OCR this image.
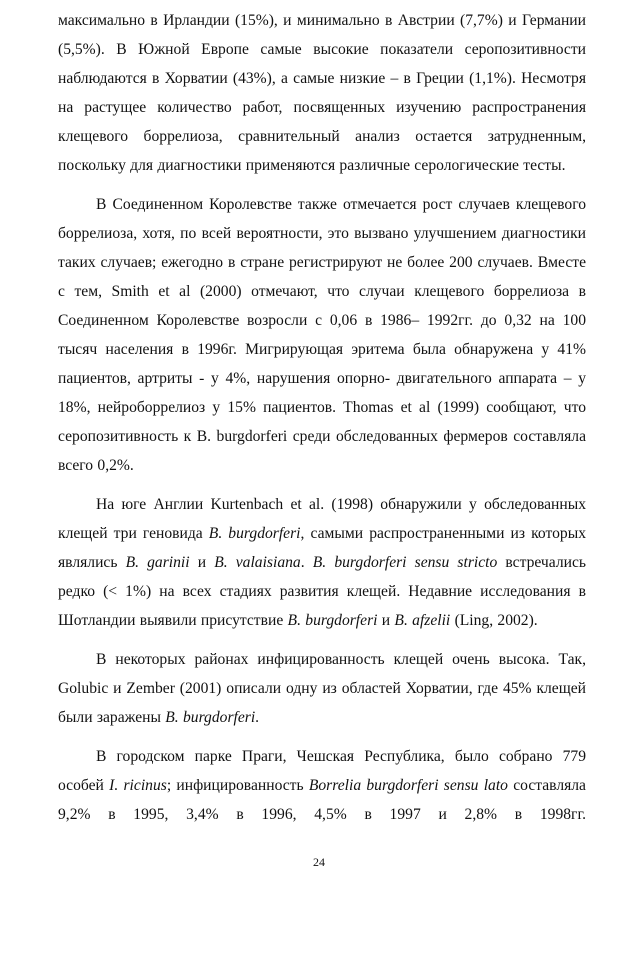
максимально в Ирландии (15%), и минимально в Австрии (7,7%) и Германии (5,5%). В Южной Европе самые высокие показатели серопозитивности наблюдаются в Хорватии (43%), а самые низкие – в Греции (1,1%). Несмотря на растущее количество работ, посвященных изучению распространения клещевого боррелиоза, сравнительный анализ остается затрудненным, поскольку для диагностики применяются различные серологические тесты.

В Соединенном Королевстве также отмечается рост случаев клещевого боррелиоза, хотя, по всей вероятности, это вызвано улучшением диагностики таких случаев; ежегодно в стране регистрируют не более 200 случаев. Вместе с тем, Smith et al (2000) отмечают, что случаи клещевого боррелиоза в Соединенном Королевстве возросли с 0,06 в 1986– 1992гг. до 0,32 на 100 тысяч населения в 1996г. Мигрирующая эритема была обнаружена у 41% пациентов, артриты - у 4%, нарушения опорно- двигательного аппарата – у 18%, нейроборрелиоз у 15% пациентов. Thomas et al (1999) сообщают, что серопозитивность к B. burgdorferi среди обследованных фермеров составляла всего 0,2%.

На юге Англии Kurtenbach et al. (1998) обнаружили у обследованных клещей три геновида B. burgdorferi, самыми распространенными из которых являлись B. garinii и B. valaisiana. B. burgdorferi sensu stricto встречались редко (< 1%) на всех стадиях развития клещей. Недавние исследования в Шотландии выявили присутствие B. burgdorferi и B. afzelii (Ling, 2002).

В некоторых районах инфицированность клещей очень высока. Так, Golubic и Zember (2001) описали одну из областей Хорватии, где 45% клещей были заражены B. burgdorferi.

В городском парке Праги, Чешская Республика, было собрано 779 особей I. ricinus; инфицированность Borrelia burgdorferi sensu lato составляла 9,2% в 1995, 3,4% в 1996, 4,5% в 1997 и 2,8% в 1998гг.

24
